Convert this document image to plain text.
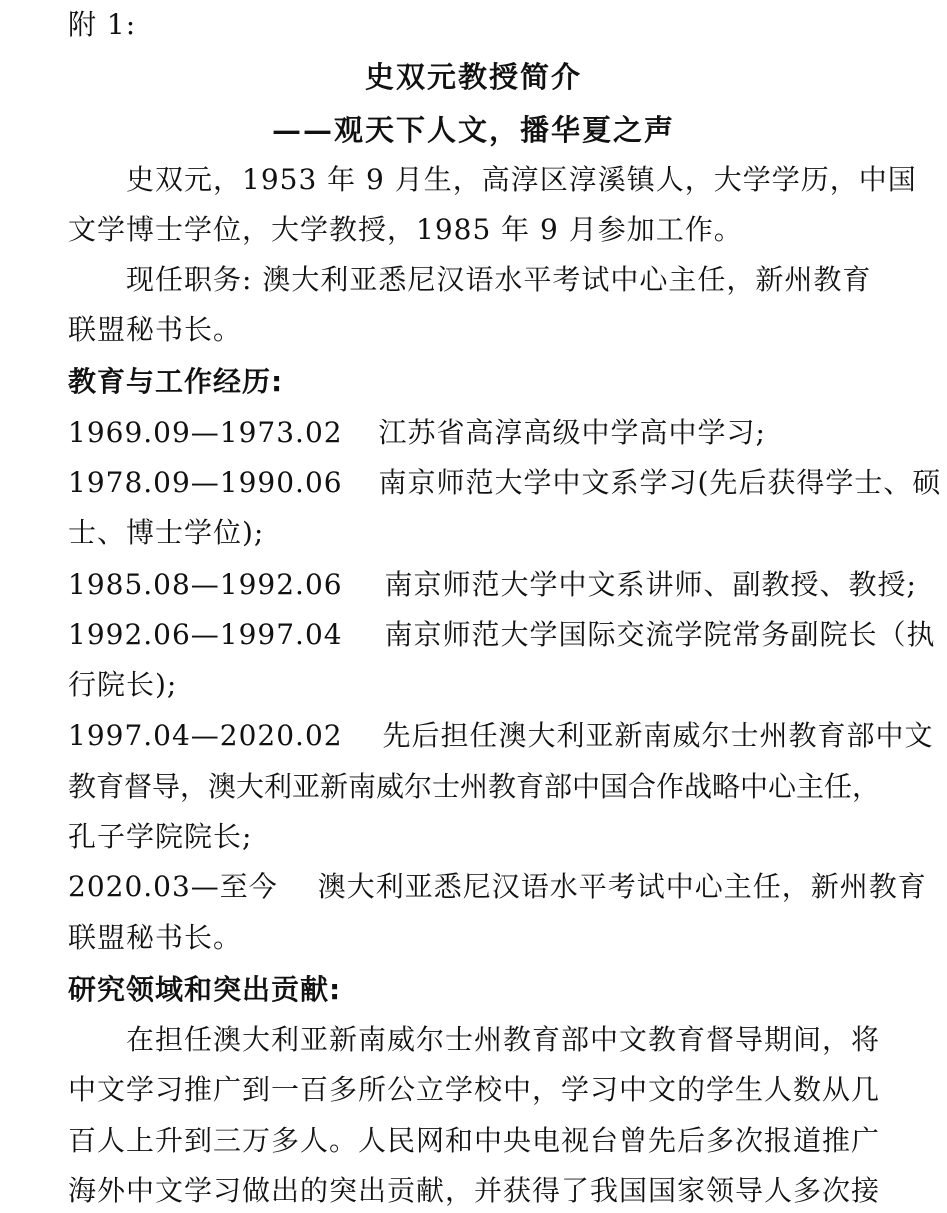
附 1:
史双元教授简介
——观天下人文，播华夏之声
史双元，1953 年 9 月生，高淳区淳溪镇人，大学学历，中国
文学博士学位，大学教授，1985 年 9 月参加工作。
现任职务: 澳大利亚悉尼汉语水平考试中心主任，新州教育
联盟秘书长。
教育与工作经历:
1969.09—1973.02 江苏省高淳高级中学高中学习;
1978.09—1990.06 南京师范大学中文系学习(先后获得学士、硕
士、博士学位);
1985.08—1992.06 南京师范大学中文系讲师、副教授、教授;
1992.06—1997.04 南京师范大学国际交流学院常务副院长（执
行院长);
1997.04—2020.02 先后担任澳大利亚新南威尔士州教育部中文
教育督导，澳大利亚新南威尔士州教育部中国合作战略中心主任，
孔子学院院长;
2020.03—至今 澳大利亚悉尼汉语水平考试中心主任，新州教育
联盟秘书长。
研究领域和突出贡献:
在担任澳大利亚新南威尔士州教育部中文教育督导期间，将
中文学习推广到一百多所公立学校中，学习中文的学生人数从几
百人上升到三万多人。人民网和中央电视台曾先后多次报道推广
海外中文学习做出的突出贡献，并获得了我国国家领导人多次接
